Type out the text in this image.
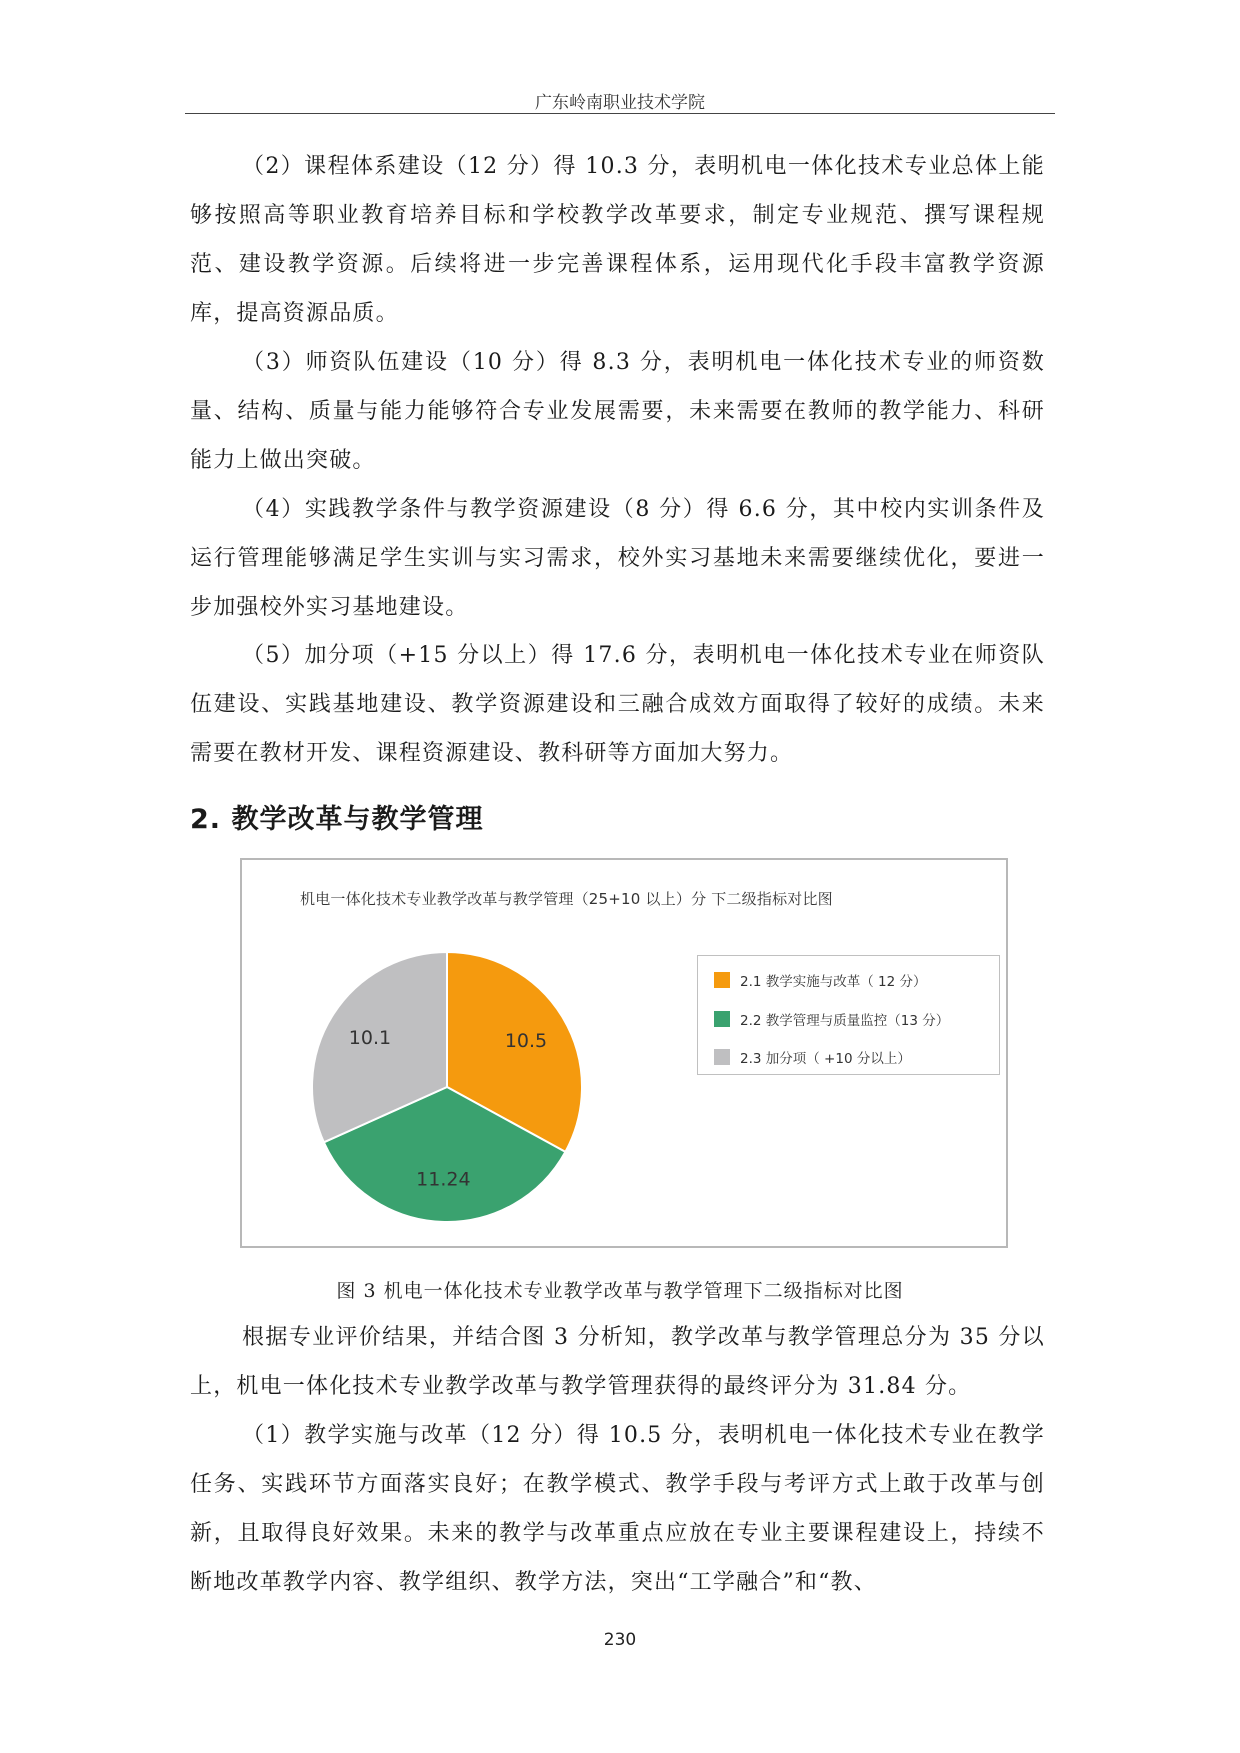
广东岭南职业技术学院

（2）课程体系建设（12 分）得 10.3 分，表明机电一体化技术专业总体上能够按照高等职业教育培养目标和学校教学改革要求，制定专业规范、撰写课程规范、建设教学资源。后续将进一步完善课程体系，运用现代化手段丰富教学资源库，提高资源品质。

（3）师资队伍建设（10 分）得 8.3 分，表明机电一体化技术专业的师资数量、结构、质量与能力能够符合专业发展需要，未来需要在教师的教学能力、科研能力上做出突破。

（4）实践教学条件与教学资源建设（8 分）得 6.6 分，其中校内实训条件及运行管理能够满足学生实训与实习需求，校外实习基地未来需要继续优化，要进一步加强校外实习基地建设。

（5）加分项（+15 分以上）得 17.6 分，表明机电一体化技术专业在师资队伍建设、实践基地建设、教学资源建设和三融合成效方面取得了较好的成绩。未来需要在教材开发、课程资源建设、教科研等方面加大努力。

2. 教学改革与教学管理
机电一体化技术专业教学改革与教学管理（25+10 以上）分 下二级指标对比图
10.5
11.24
10.1
2.1 教学实施与改革（ 12 分）
2.2 教学管理与质量监控（13 分）
2.3 加分项（ +10 分以上）
图 3 机电一体化技术专业教学改革与教学管理下二级指标对比图

根据专业评价结果，并结合图 3 分析知，教学改革与教学管理总分为 35 分以上，机电一体化技术专业教学改革与教学管理获得的最终评分为 31.84 分。

（1）教学实施与改革（12 分）得 10.5 分，表明机电一体化技术专业在教学任务、实践环节方面落实良好；在教学模式、教学手段与考评方式上敢于改革与创新，且取得良好效果。未来的教学与改革重点应放在专业主要课程建设上，持续不断地改革教学内容、教学组织、教学方法，突出“工学融合”和“教、

230
